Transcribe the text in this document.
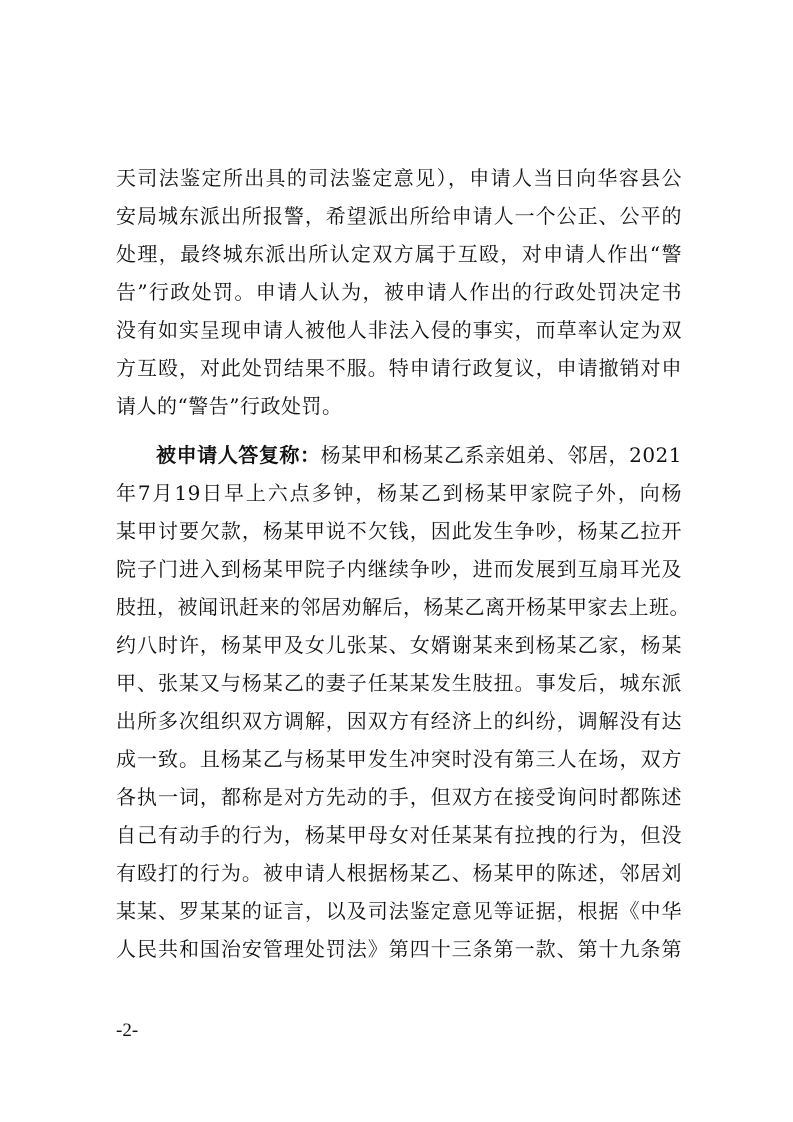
天司法鉴定所出具的司法鉴定意见），申请人当日向华容县公
安局城东派出所报警，希望派出所给申请人一个公正、公平的
处理，最终城东派出所认定双方属于互殴，对申请人作出“警
告”行政处罚。申请人认为，被申请人作出的行政处罚决定书
没有如实呈现申请人被他人非法入侵的事实，而草率认定为双
方互殴，对此处罚结果不服。特申请行政复议，申请撤销对申
请人的“警告”行政处罚。
被申请人答复称：杨某甲和杨某乙系亲姐弟、邻居，2021
年7月19日早上六点多钟，杨某乙到杨某甲家院子外，向杨
某甲讨要欠款，杨某甲说不欠钱，因此发生争吵，杨某乙拉开
院子门进入到杨某甲院子内继续争吵，进而发展到互扇耳光及
肢扭，被闻讯赶来的邻居劝解后，杨某乙离开杨某甲家去上班。
约八时许，杨某甲及女儿张某、女婿谢某来到杨某乙家，杨某
甲、张某又与杨某乙的妻子任某某发生肢扭。事发后，城东派
出所多次组织双方调解，因双方有经济上的纠纷，调解没有达
成一致。且杨某乙与杨某甲发生冲突时没有第三人在场，双方
各执一词，都称是对方先动的手，但双方在接受询问时都陈述
自己有动手的行为，杨某甲母女对任某某有拉拽的行为，但没
有殴打的行为。被申请人根据杨某乙、杨某甲的陈述，邻居刘
某某、罗某某的证言，以及司法鉴定意见等证据，根据《中华
人民共和国治安管理处罚法》第四十三条第一款、第十九条第
-2-
